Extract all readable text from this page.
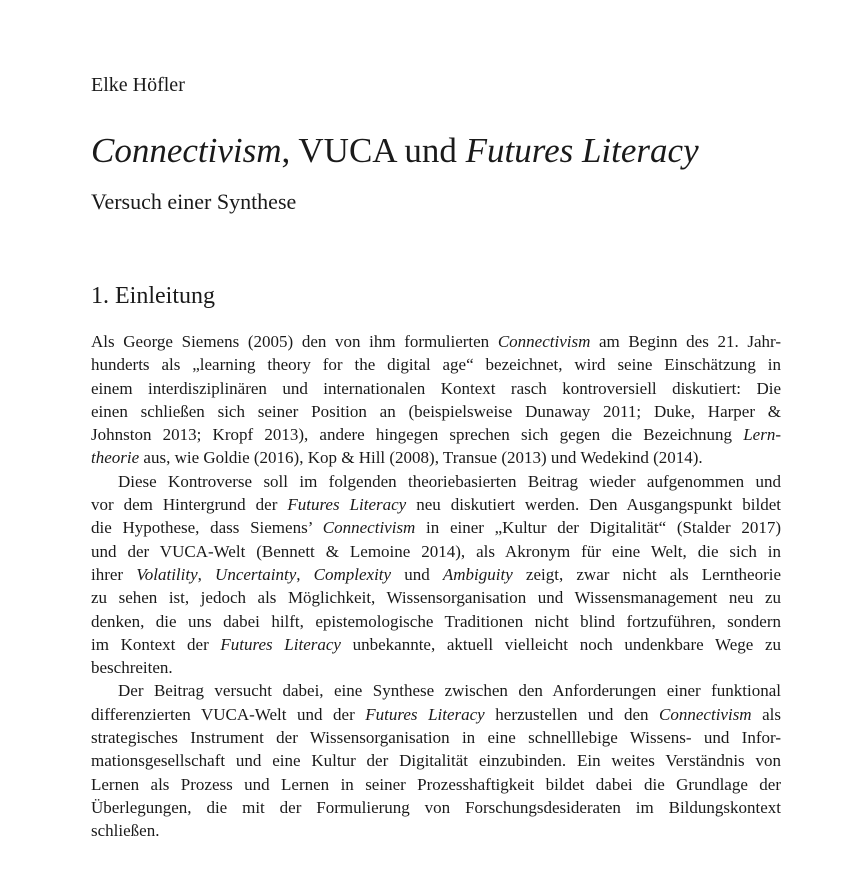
Elke Höfler
Connectivism, VUCA und Futures Literacy
Versuch einer Synthese
1. Einleitung
Als George Siemens (2005) den von ihm formulierten Connectivism am Beginn des 21. Jahr-
hunderts als „learning theory for the digital age“ bezeichnet, wird seine Einschätzung in
einem interdisziplinären und internationalen Kontext rasch kontroversiell diskutiert: Die
einen schließen sich seiner Position an (beispielsweise Dunaway 2011; Duke, Harper &
Johnston 2013; Kropf 2013), andere hingegen sprechen sich gegen die Bezeichnung Lern-
theorie aus, wie Goldie (2016), Kop & Hill (2008), Transue (2013) und Wedekind (2014).
Diese Kontroverse soll im folgenden theoriebasierten Beitrag wieder aufgenommen und
vor dem Hintergrund der Futures Literacy neu diskutiert werden. Den Ausgangspunkt bildet
die Hypothese, dass Siemens’ Connectivism in einer „Kultur der Digitalität“ (Stalder 2017)
und der VUCA-Welt (Bennett & Lemoine 2014), als Akronym für eine Welt, die sich in
ihrer Volatility, Uncertainty, Complexity und Ambiguity zeigt, zwar nicht als Lerntheorie
zu sehen ist, jedoch als Möglichkeit, Wissensorganisation und Wissensmanagement neu zu
denken, die uns dabei hilft, epistemologische Traditionen nicht blind fortzuführen, sondern
im Kontext der Futures Literacy unbekannte, aktuell vielleicht noch undenkbare Wege zu
beschreiten.
Der Beitrag versucht dabei, eine Synthese zwischen den Anforderungen einer funktional
differenzierten VUCA-Welt und der Futures Literacy herzustellen und den Connectivism als
strategisches Instrument der Wissensorganisation in eine schnelllebige Wissens- und Infor-
mationsgesellschaft und eine Kultur der Digitalität einzubinden. Ein weites Verständnis von
Lernen als Prozess und Lernen in seiner Prozesshaftigkeit bildet dabei die Grundlage der
Überlegungen, die mit der Formulierung von Forschungsdesideraten im Bildungskontext
schließen.
